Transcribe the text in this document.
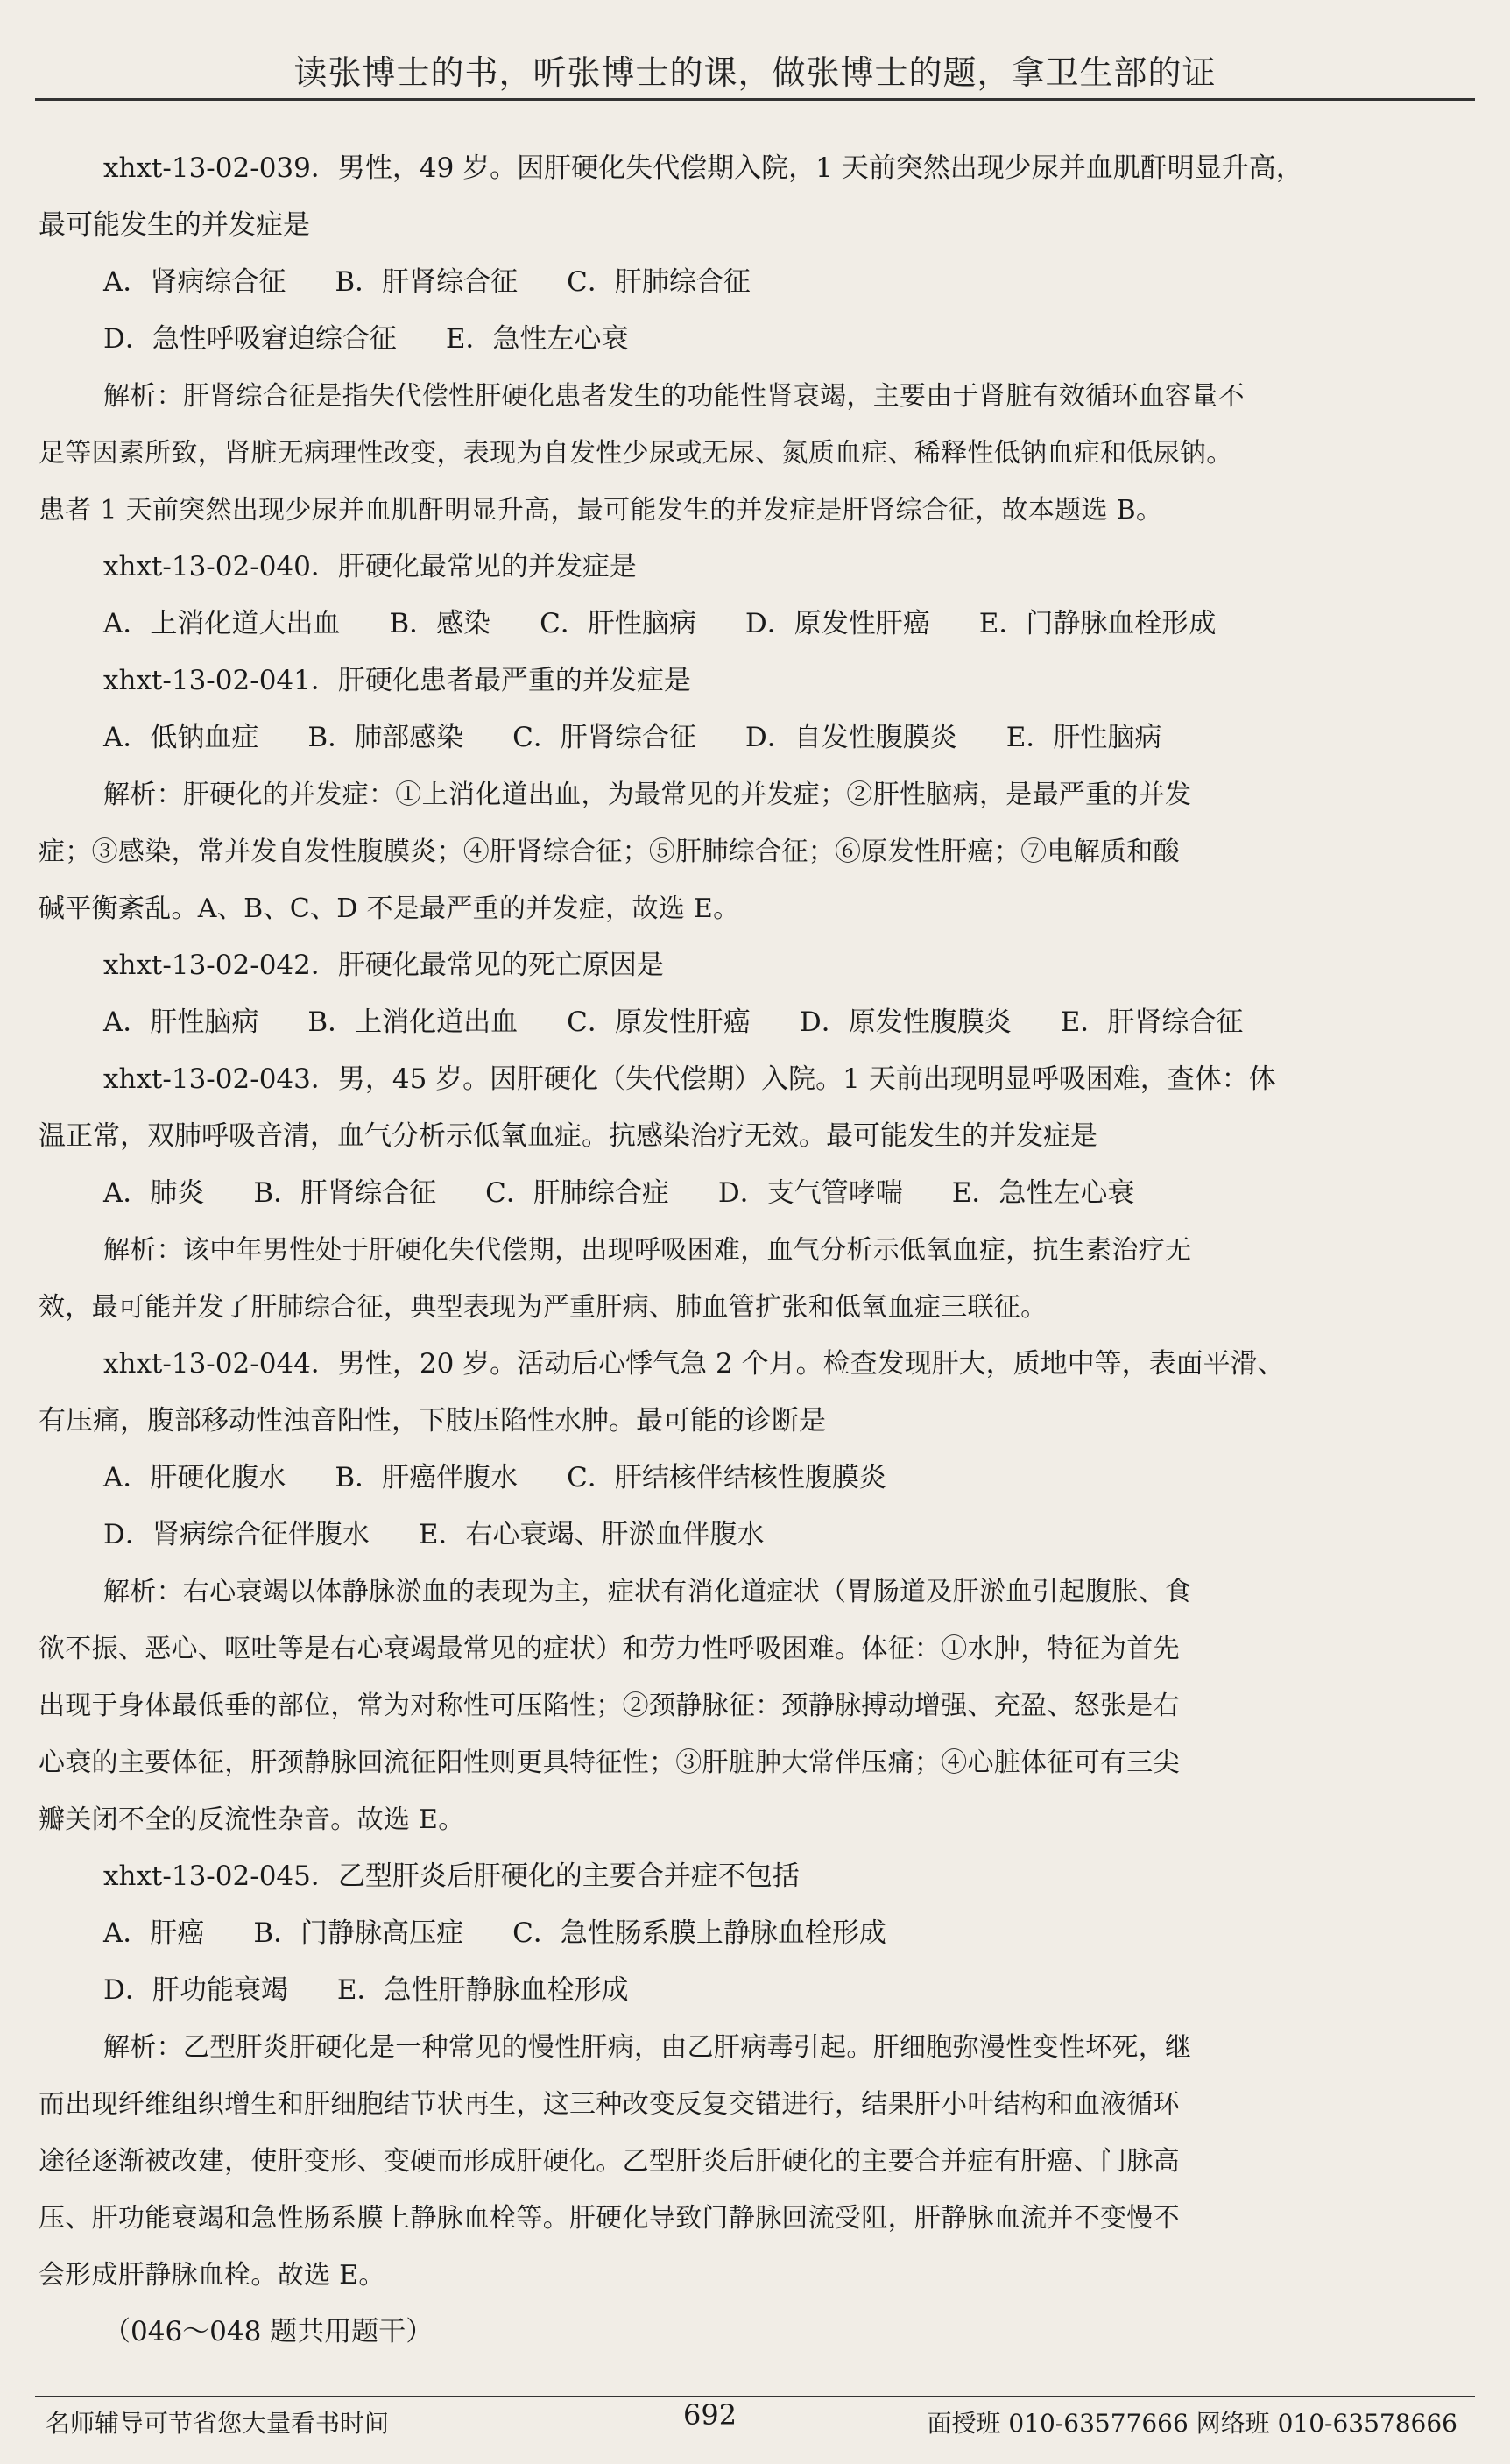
读张博士的书，听张博士的课，做张博士的题，拿卫生部的证
xhxt-13-02-039．男性，49 岁。因肝硬化失代偿期入院，1 天前突然出现少尿并血肌酐明显升高，
最可能发生的并发症是
A．肾病综合征 B．肝肾综合征 C．肝肺综合征
D．急性呼吸窘迫综合征 E．急性左心衰
解析：肝肾综合征是指失代偿性肝硬化患者发生的功能性肾衰竭，主要由于肾脏有效循环血容量不
足等因素所致，肾脏无病理性改变，表现为自发性少尿或无尿、氮质血症、稀释性低钠血症和低尿钠。
患者 1 天前突然出现少尿并血肌酐明显升高，最可能发生的并发症是肝肾综合征，故本题选 B。
xhxt-13-02-040．肝硬化最常见的并发症是
A．上消化道大出血 B．感染 C．肝性脑病 D．原发性肝癌 E．门静脉血栓形成
xhxt-13-02-041．肝硬化患者最严重的并发症是
A．低钠血症 B．肺部感染 C．肝肾综合征 D．自发性腹膜炎 E．肝性脑病
解析：肝硬化的并发症：①上消化道出血，为最常见的并发症；②肝性脑病，是最严重的并发
症；③感染，常并发自发性腹膜炎；④肝肾综合征；⑤肝肺综合征；⑥原发性肝癌；⑦电解质和酸
碱平衡紊乱。A、B、C、D 不是最严重的并发症，故选 E。
xhxt-13-02-042．肝硬化最常见的死亡原因是
A．肝性脑病 B．上消化道出血 C．原发性肝癌 D．原发性腹膜炎 E．肝肾综合征
xhxt-13-02-043．男，45 岁。因肝硬化（失代偿期）入院。1 天前出现明显呼吸困难，查体：体
温正常，双肺呼吸音清，血气分析示低氧血症。抗感染治疗无效。最可能发生的并发症是
A．肺炎 B．肝肾综合征 C．肝肺综合症 D．支气管哮喘 E．急性左心衰
解析：该中年男性处于肝硬化失代偿期，出现呼吸困难，血气分析示低氧血症，抗生素治疗无
效，最可能并发了肝肺综合征，典型表现为严重肝病、肺血管扩张和低氧血症三联征。
xhxt-13-02-044．男性，20 岁。活动后心悸气急 2 个月。检查发现肝大，质地中等，表面平滑、
有压痛，腹部移动性浊音阳性，下肢压陷性水肿。最可能的诊断是
A．肝硬化腹水 B．肝癌伴腹水 C．肝结核伴结核性腹膜炎
D．肾病综合征伴腹水 E．右心衰竭、肝淤血伴腹水
解析：右心衰竭以体静脉淤血的表现为主，症状有消化道症状（胃肠道及肝淤血引起腹胀、食
欲不振、恶心、呕吐等是右心衰竭最常见的症状）和劳力性呼吸困难。体征：①水肿，特征为首先
出现于身体最低垂的部位，常为对称性可压陷性；②颈静脉征：颈静脉搏动增强、充盈、怒张是右
心衰的主要体征，肝颈静脉回流征阳性则更具特征性；③肝脏肿大常伴压痛；④心脏体征可有三尖
瓣关闭不全的反流性杂音。故选 E。
xhxt-13-02-045．乙型肝炎后肝硬化的主要合并症不包括
A．肝癌 B．门静脉高压症 C．急性肠系膜上静脉血栓形成
D．肝功能衰竭 E．急性肝静脉血栓形成
解析：乙型肝炎肝硬化是一种常见的慢性肝病，由乙肝病毒引起。肝细胞弥漫性变性坏死，继
而出现纤维组织增生和肝细胞结节状再生，这三种改变反复交错进行，结果肝小叶结构和血液循环
途径逐渐被改建，使肝变形、变硬而形成肝硬化。乙型肝炎后肝硬化的主要合并症有肝癌、门脉高
压、肝功能衰竭和急性肠系膜上静脉血栓等。肝硬化导致门静脉回流受阻，肝静脉血流并不变慢不
会形成肝静脉血栓。故选 E。
（046～048 题共用题干）
名师辅导可节省您大量看书时间	692	面授班 010-63577666 网络班 010-63578666
